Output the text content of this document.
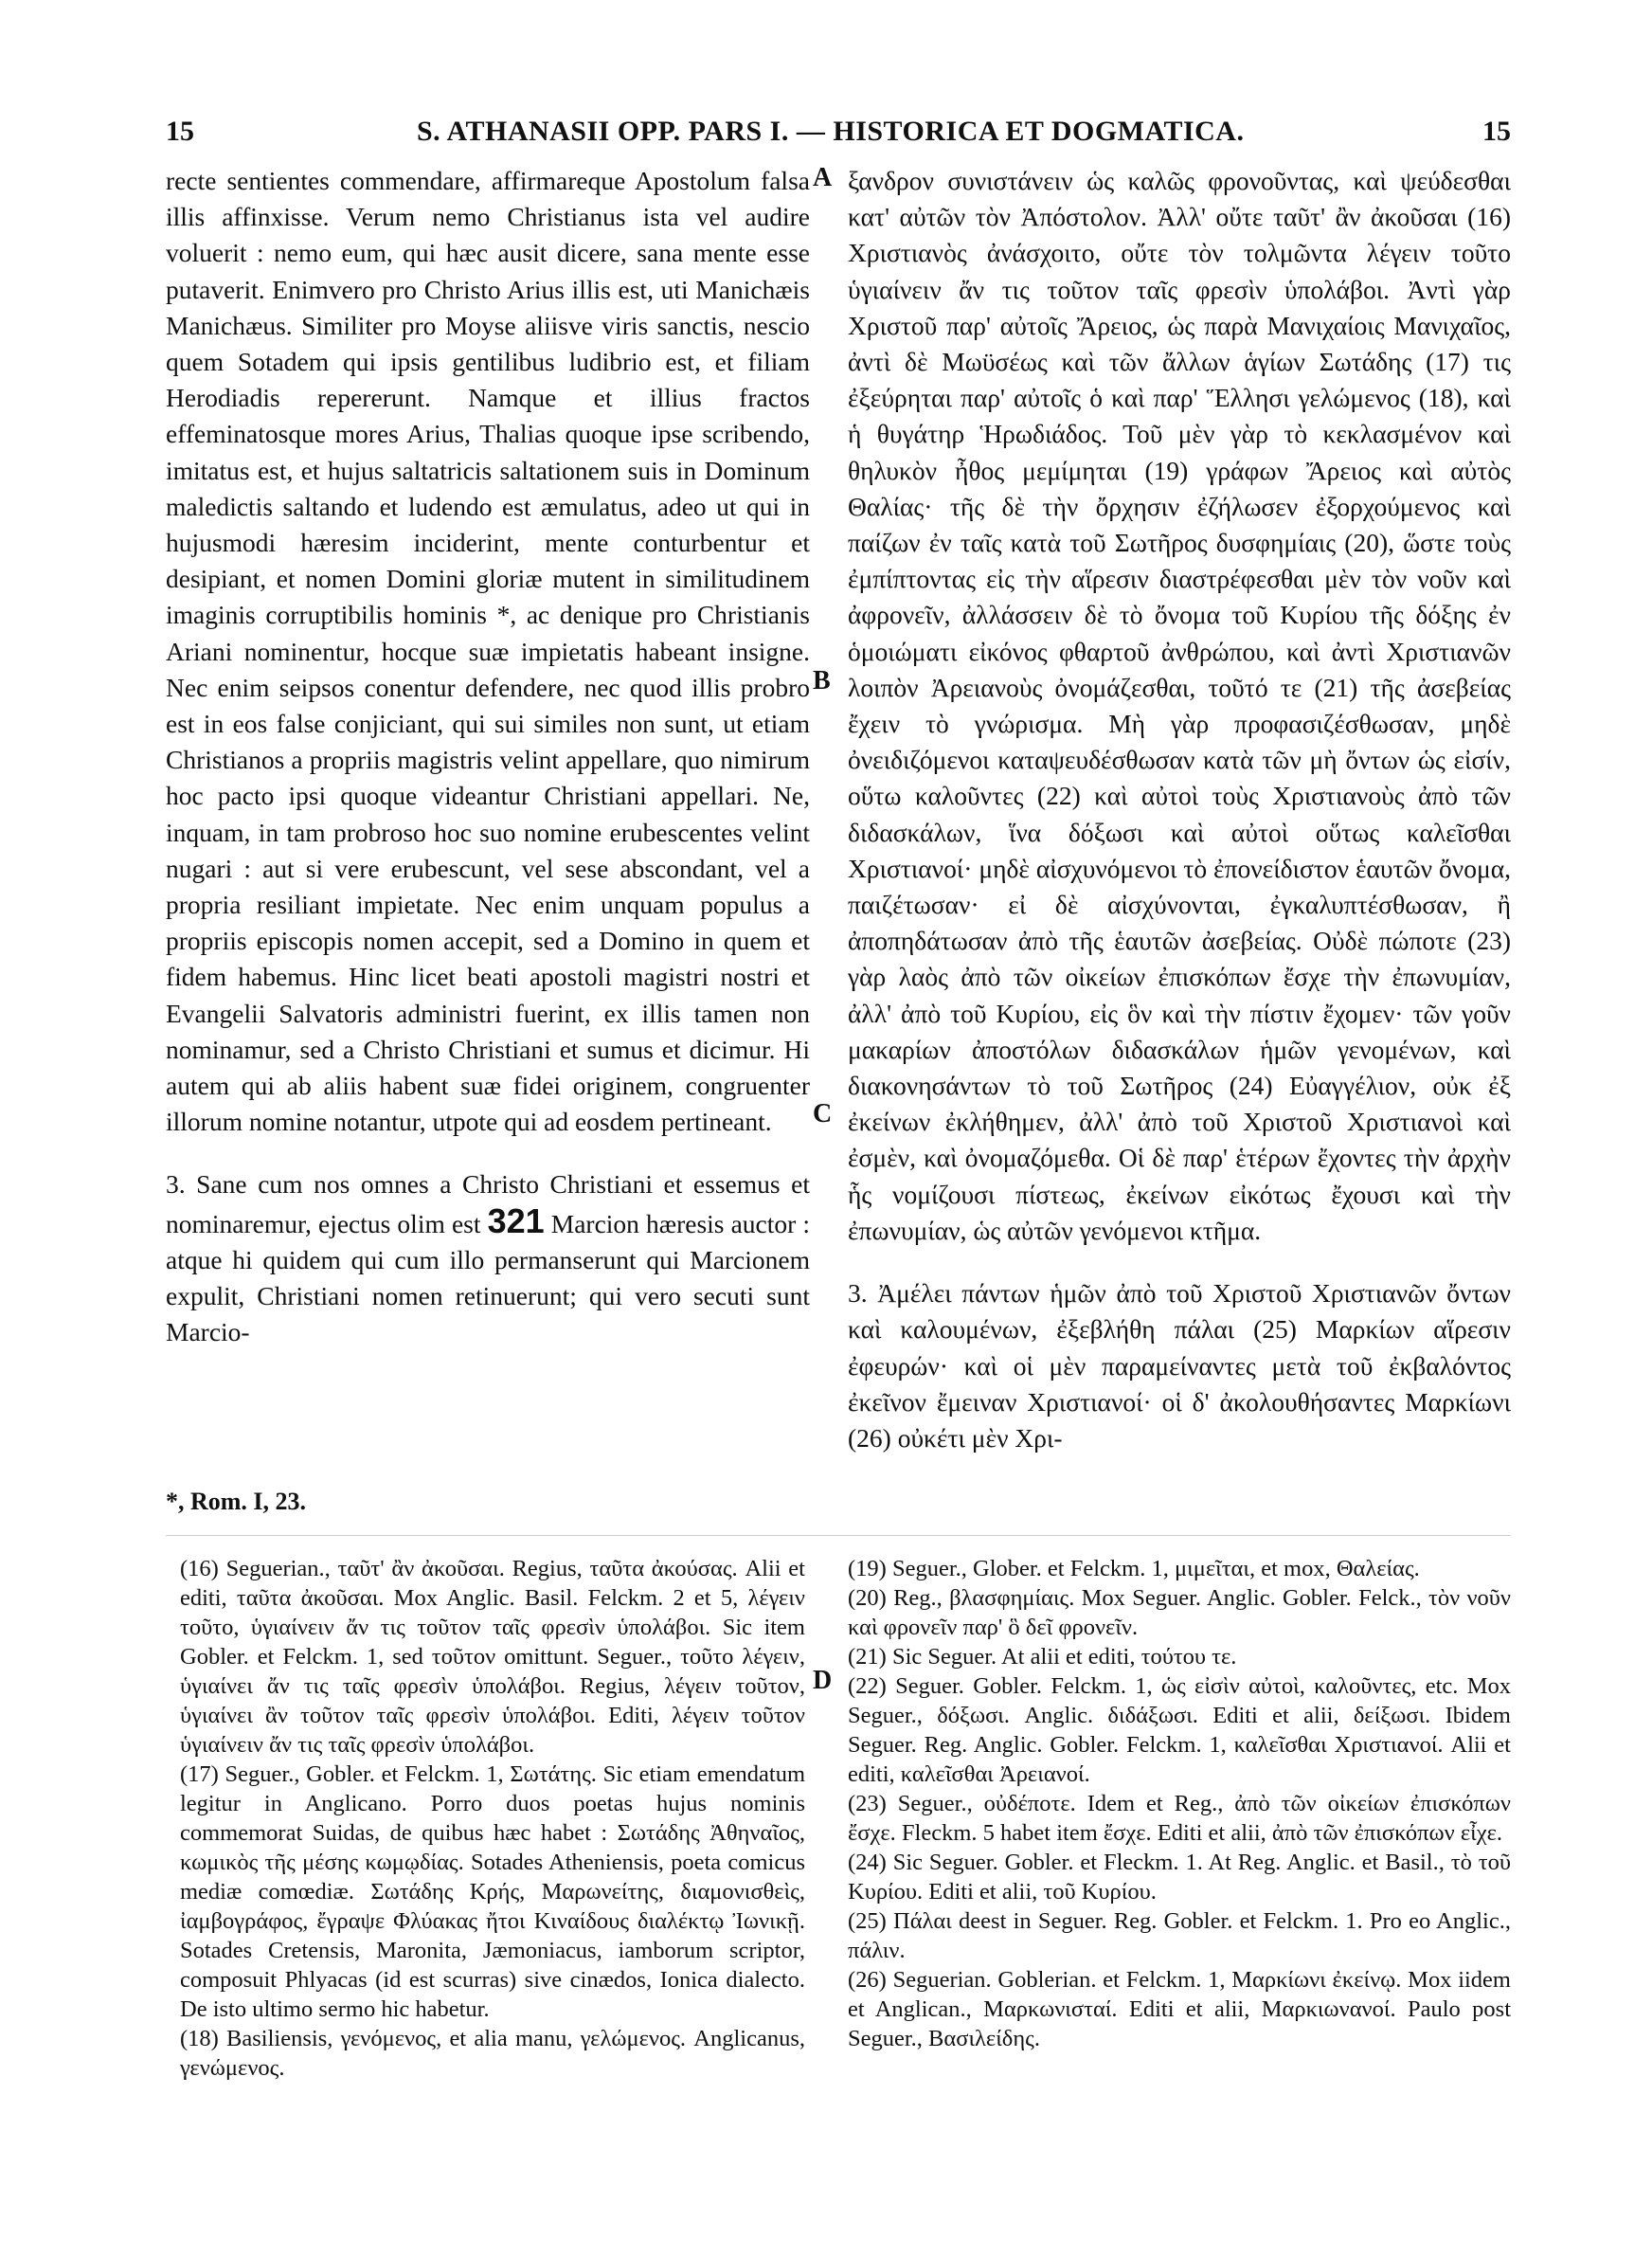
15	S. ATHANASII OPP. PARS I. — HISTORICA ET DOGMATICA.	15

recte sentientes commendare, affirmareque Apostolum falsa illis affinxisse. Verum nemo Christianus ista vel audire voluerit : nemo eum, qui hæc ausit dicere, sana mente esse putaverit. Enimvero pro Christo Arius illis est, uti Manichæis Manichæus. Similiter pro Moyse aliisve viris sanctis, nescio quem Sotadem qui ipsis gentilibus ludibrio est, et filiam Herodiadis repererunt. Namque et illius fractos effeminatosque mores Arius, Thalias quoque ipse scribendo, imitatus est, et hujus saltatricis saltationem suis in Dominum maledictis saltando et ludendo est æmulatus, adeo ut qui in hujusmodi hæresim inciderint, mente conturbentur et desipiant, et nomen Domini gloriæ mutent in similitudinem imaginis corruptibilis hominis *, ac denique pro Christianis Ariani nominentur, hocque suæ impietatis habeant insigne. Nec enim seipsos conentur defendere, nec quod illis probro est in eos false conjiciant, qui sui similes non sunt, ut etiam Christianos a propriis magistris velint appellare, quo nimirum hoc pacto ipsi quoque videantur Christiani appellari. Ne, inquam, in tam probroso hoc suo nomine erubescentes velint nugari : aut si vere erubescunt, vel sese abscondant, vel a propria resiliant impietate. Nec enim unquam populus a propriis episcopis nomen accepit, sed a Domino in quem et fidem habemus. Hinc licet beati apostoli magistri nostri et Evangelii Salvatoris administri fuerint, ex illis tamen non nominamur, sed a Christo Christiani et sumus et dicimur. Hi autem qui ab aliis habent suæ fidei originem, congruenter illorum nomine notantur, utpote qui ad eosdem pertineant.

3. Sane cum nos omnes a Christo Christiani et essemus et nominaremur, ejectus olim est 321 Marcion hæresis auctor : atque hi quidem qui cum illo permanserunt qui Marcionem expulit, Christiani nomen retinuerunt; qui vero secuti sunt Marcio-

A
B
C
D

ξανδρον συνιστάνειν ὡς καλῶς φρονοῦντας, καὶ ψεύδεσθαι κατ' αὐτῶν τὸν Ἀπόστολον. Ἀλλ' οὔτε ταῦτ' ἂν ἀκοῦσαι (16) Χριστιανὸς ἀνάσχοιτο, οὔτε τὸν τολμῶντα λέγειν τοῦτο ὑγιαίνειν ἄν τις τοῦτον ταῖς φρεσὶν ὑπολάβοι. Ἀντὶ γὰρ Χριστοῦ παρ' αὐτοῖς Ἄρειος, ὡς παρὰ Μανιχαίοις Μανιχαῖος, ἀντὶ δὲ Μωϋσέως καὶ τῶν ἄλλων ἁγίων Σωτάδης (17) τις ἐξεύρηται παρ' αὐτοῖς ὁ καὶ παρ' Ἕλλησι γελώμενος (18), καὶ ἡ θυγάτηρ Ἡρωδιάδος. Τοῦ μὲν γὰρ τὸ κεκλασμένον καὶ θηλυκὸν ἦθος μεμίμηται (19) γράφων Ἄρειος καὶ αὐτὸς Θαλίας· τῆς δὲ τὴν ὄρχησιν ἐζήλωσεν ἐξορχούμενος καὶ παίζων ἐν ταῖς κατὰ τοῦ Σωτῆρος δυσφημίαις (20), ὥστε τοὺς ἐμπίπτοντας εἰς τὴν αἵρεσιν διαστρέφεσθαι μὲν τὸν νοῦν καὶ ἀφρονεῖν, ἀλλάσσειν δὲ τὸ ὄνομα τοῦ Κυρίου τῆς δόξης ἐν ὁμοιώματι εἰκόνος φθαρτοῦ ἀνθρώπου, καὶ ἀντὶ Χριστιανῶν λοιπὸν Ἀρειανοὺς ὀνομάζεσθαι, τοῦτό τε (21) τῆς ἀσεβείας ἔχειν τὸ γνώρισμα. Μὴ γὰρ προφασιζέσθωσαν, μηδὲ ὀνειδιζόμενοι καταψευδέσθωσαν κατὰ τῶν μὴ ὄντων ὡς εἰσίν, οὕτω καλοῦντες (22) καὶ αὐτοὶ τοὺς Χριστιανοὺς ἀπὸ τῶν διδασκάλων, ἵνα δόξωσι καὶ αὐτοὶ οὕτως καλεῖσθαι Χριστιανοί· μηδὲ αἰσχυνόμενοι τὸ ἐπονείδιστον ἑαυτῶν ὄνομα, παιζέτωσαν· εἰ δὲ αἰσχύνονται, ἐγκαλυπτέσθωσαν, ἢ ἀποπηδάτωσαν ἀπὸ τῆς ἑαυτῶν ἀσεβείας. Οὐδὲ πώποτε (23) γὰρ λαὸς ἀπὸ τῶν οἰκείων ἐπισκόπων ἔσχε τὴν ἐπωνυμίαν, ἀλλ' ἀπὸ τοῦ Κυρίου, εἰς ὃν καὶ τὴν πίστιν ἔχομεν· τῶν γοῦν μακαρίων ἀποστόλων διδασκάλων ἡμῶν γενομένων, καὶ διακονησάντων τὸ τοῦ Σωτῆρος (24) Εὐαγγέλιον, οὐκ ἐξ ἐκείνων ἐκλήθημεν, ἀλλ' ἀπὸ τοῦ Χριστοῦ Χριστιανοὶ καὶ ἐσμὲν, καὶ ὀνομαζόμεθα. Οἱ δὲ παρ' ἑτέρων ἔχοντες τὴν ἀρχὴν ἧς νομίζουσι πίστεως, ἐκείνων εἰκότως ἔχουσι καὶ τὴν ἐπωνυμίαν, ὡς αὐτῶν γενόμενοι κτῆμα.

3. Ἀμέλει πάντων ἡμῶν ἀπὸ τοῦ Χριστοῦ Χριστιανῶν ὄντων καὶ καλουμένων, ἐξεβλήθη πάλαι (25) Μαρκίων αἵρεσιν ἐφευρών· καὶ οἱ μὲν παραμείναντες μετὰ τοῦ ἐκβαλόντος ἐκεῖνον ἔμειναν Χριστιανοί· οἱ δ' ἀκολουθήσαντες Μαρκίωνι (26) οὐκέτι μὲν Χρι-

*, Rom. I, 23.

(16) Seguerian., ταῦτ' ἂν ἀκοῦσαι. Regius, ταῦτα ἀκούσας. Alii et editi, ταῦτα ἀκοῦσαι. Mox Anglic. Basil. Felckm. 2 et 5, λέγειν τοῦτο, ὑγιαίνειν ἄν τις τοῦτον ταῖς φρεσὶν ὑπολάβοι. Sic item Gobler. et Felckm. 1, sed τοῦτον omittunt. Seguer., τοῦτο λέγειν, ὑγιαίνει ἄν τις ταῖς φρεσὶν ὑπολάβοι. Regius, λέγειν τοῦτον, ὑγιαίνει ἂν τοῦτον ταῖς φρεσὶν ὑπολάβοι. Editi, λέγειν τοῦτον ὑγιαίνειν ἄν τις ταῖς φρεσὶν ὑπολάβοι.

(17) Seguer., Gobler. et Felckm. 1, Σωτάτης. Sic etiam emendatum legitur in Anglicano. Porro duos poetas hujus nominis commemorat Suidas, de quibus hæc habet : Σωτάδης Ἀθηναῖος, κωμικὸς τῆς μέσης κωμῳδίας. Sotades Atheniensis, poeta comicus mediæ comœdiæ. Σωτάδης Κρής, Μαρωνείτης, διαμονισθεὶς, ἰαμβογράφος, ἔγραψε Φλύακας ἤτοι Κιναίδους διαλέκτῳ Ἰωνικῇ. Sotades Cretensis, Maronita, Jæmoniacus, iamborum scriptor, composuit Phlyacas (id est scurras) sive cinædos, Ionica dialecto. De isto ultimo sermo hic habetur.

(18) Basiliensis, γενόμενος, et alia manu, γελώμενος. Anglicanus, γενώμενος.

(19) Seguer., Glober. et Felckm. 1, μιμεῖται, et mox, Θαλείας.

(20) Reg., βλασφημίαις. Mox Seguer. Anglic. Gobler. Felck., τὸν νοῦν καὶ φρονεῖν παρ' ὃ δεῖ φρονεῖν.

(21) Sic Seguer. At alii et editi, τούτου τε.

(22) Seguer. Gobler. Felckm. 1, ὡς εἰσὶν αὐτοὶ, καλοῦντες, etc. Mox Seguer., δόξωσι. Anglic. διδάξωσι. Editi et alii, δείξωσι. Ibidem Seguer. Reg. Anglic. Gobler. Felckm. 1, καλεῖσθαι Χριστιανοί. Alii et editi, καλεῖσθαι Ἀρειανοί.

(23) Seguer., οὐδέποτε. Idem et Reg., ἀπὸ τῶν οἰκείων ἐπισκόπων ἔσχε. Fleckm. 5 habet item ἔσχε. Editi et alii, ἀπὸ τῶν ἐπισκόπων εἶχε.

(24) Sic Seguer. Gobler. et Fleckm. 1. At Reg. Anglic. et Basil., τὸ τοῦ Κυρίου. Editi et alii, τοῦ Κυρίου.

(25) Πάλαι deest in Seguer. Reg. Gobler. et Felckm. 1. Pro eo Anglic., πάλιν.

(26) Seguerian. Goblerian. et Felckm. 1, Μαρκίωνι ἐκείνῳ. Mox iidem et Anglican., Μαρκωνισταί. Editi et alii, Μαρκιωνανοί. Paulo post Seguer., Βασιλείδης.
